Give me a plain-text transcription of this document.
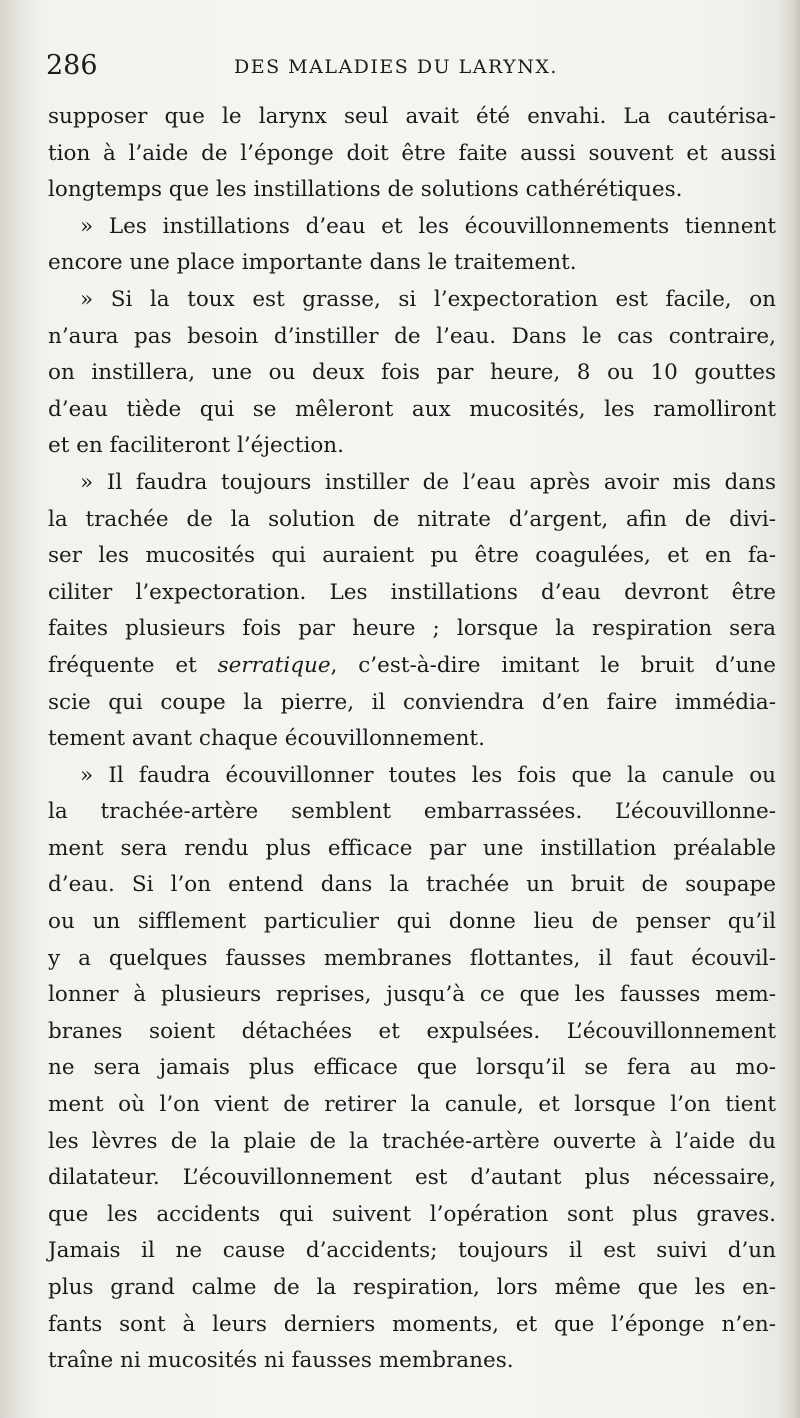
286	DES MALADIES DU LARYNX.
supposer que le larynx seul avait été envahi. La cautérisa-
tion à l’aide de l’éponge doit être faite aussi souvent et aussi
longtemps que les instillations de solutions cathérétiques.
» Les instillations d’eau et les écouvillonnements tiennent
encore une place importante dans le traitement.
» Si la toux est grasse, si l’expectoration est facile, on
n’aura pas besoin d’instiller de l’eau. Dans le cas contraire,
on instillera, une ou deux fois par heure, 8 ou 10 gouttes
d’eau tiède qui se mêleront aux mucosités, les ramolliront
et en faciliteront l’éjection.
» Il faudra toujours instiller de l’eau après avoir mis dans
la trachée de la solution de nitrate d’argent, afin de divi-
ser les mucosités qui auraient pu être coagulées, et en fa-
ciliter l’expectoration. Les instillations d’eau devront être
faites plusieurs fois par heure ; lorsque la respiration sera
fréquente et serratique, c’est-à-dire imitant le bruit d’une
scie qui coupe la pierre, il conviendra d’en faire immédia-
tement avant chaque écouvillonnement.
» Il faudra écouvillonner toutes les fois que la canule ou
la trachée-artère semblent embarrassées. L’écouvillonne-
ment sera rendu plus efficace par une instillation préalable
d’eau. Si l’on entend dans la trachée un bruit de soupape
ou un sifflement particulier qui donne lieu de penser qu’il
y a quelques fausses membranes flottantes, il faut écouvil-
lonner à plusieurs reprises, jusqu’à ce que les fausses mem-
branes soient détachées et expulsées. L’écouvillonnement
ne sera jamais plus efficace que lorsqu’il se fera au mo-
ment où l’on vient de retirer la canule, et lorsque l’on tient
les lèvres de la plaie de la trachée-artère ouverte à l’aide du
dilatateur. L’écouvillonnement est d’autant plus nécessaire,
que les accidents qui suivent l’opération sont plus graves.
Jamais il ne cause d’accidents; toujours il est suivi d’un
plus grand calme de la respiration, lors même que les en-
fants sont à leurs derniers moments, et que l’éponge n’en-
traîne ni mucosités ni fausses membranes.
